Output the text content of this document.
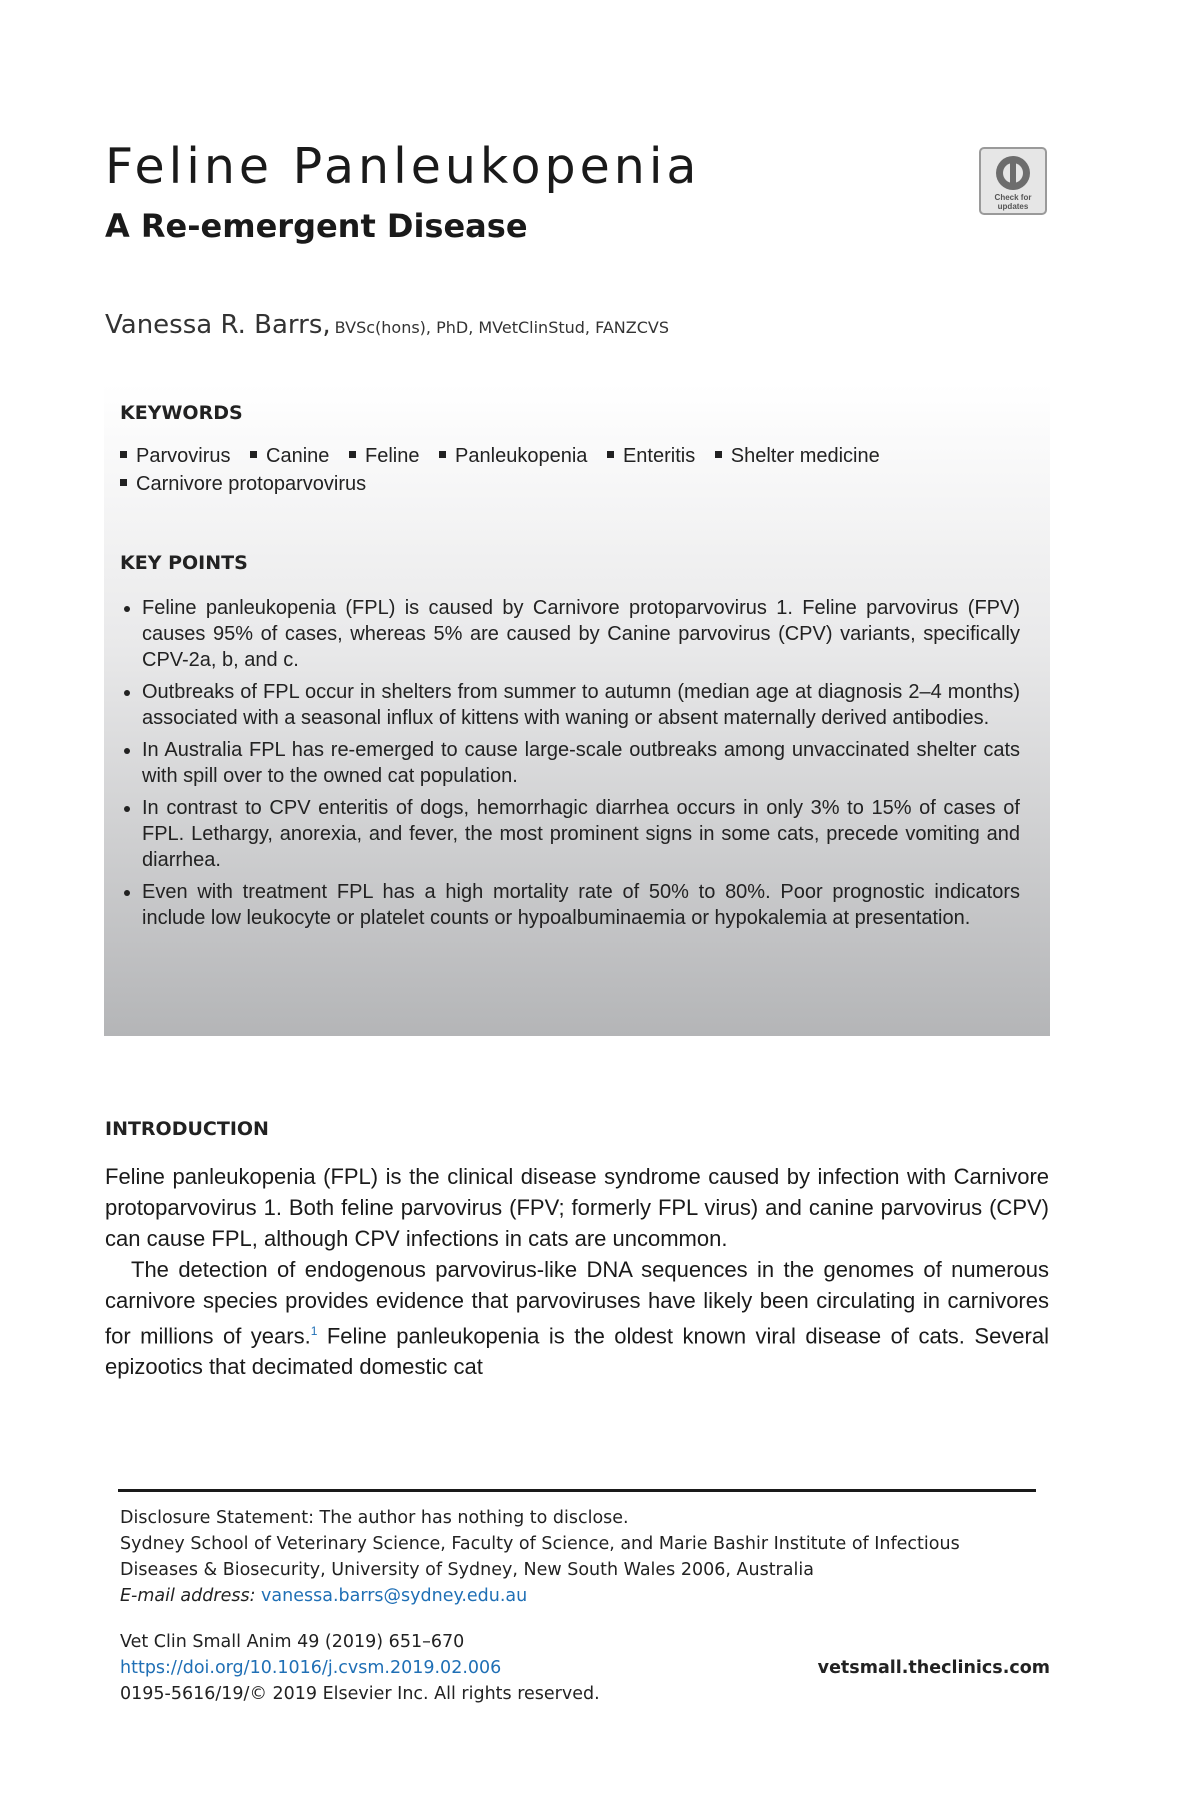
Feline Panleukopenia
A Re-emergent Disease
Check for updates
Vanessa R. Barrs, BVSc(hons), PhD, MVetClinStud, FANZCVS
KEYWORDS
Parvovirus Canine Feline Panleukopenia Enteritis Shelter medicine
Carnivore protoparvovirus
KEY POINTS
Feline panleukopenia (FPL) is caused by Carnivore protoparvovirus 1. Feline parvovirus (FPV) causes 95% of cases, whereas 5% are caused by Canine parvovirus (CPV) variants, specifically CPV-2a, b, and c.
Outbreaks of FPL occur in shelters from summer to autumn (median age at diagnosis 2–4 months) associated with a seasonal influx of kittens with waning or absent maternally derived antibodies.
In Australia FPL has re-emerged to cause large-scale outbreaks among unvaccinated shelter cats with spill over to the owned cat population.
In contrast to CPV enteritis of dogs, hemorrhagic diarrhea occurs in only 3% to 15% of cases of FPL. Lethargy, anorexia, and fever, the most prominent signs in some cats, precede vomiting and diarrhea.
Even with treatment FPL has a high mortality rate of 50% to 80%. Poor prognostic indicators include low leukocyte or platelet counts or hypoalbuminaemia or hypokalemia at presentation.
INTRODUCTION

Feline panleukopenia (FPL) is the clinical disease syndrome caused by infection with Carnivore protoparvovirus 1. Both feline parvovirus (FPV; formerly FPL virus) and canine parvovirus (CPV) can cause FPL, although CPV infections in cats are uncommon.

The detection of endogenous parvovirus-like DNA sequences in the genomes of numerous carnivore species provides evidence that parvoviruses have likely been circulating in carnivores for millions of years.$^1$ Feline panleukopenia is the oldest known viral disease of cats. Several epizootics that decimated domestic cat

Disclosure Statement: The author has nothing to disclose.
Sydney School of Veterinary Science, Faculty of Science, and Marie Bashir Institute of Infectious
Diseases & Biosecurity, University of Sydney, New South Wales 2006, Australia
E-mail address: vanessa.barrs@sydney.edu.au
Vet Clin Small Anim 49 (2019) 651–670
https://doi.org/10.1016/j.cvsm.2019.02.006
0195-5616/19/© 2019 Elsevier Inc. All rights reserved.
vetsmall.theclinics.com
